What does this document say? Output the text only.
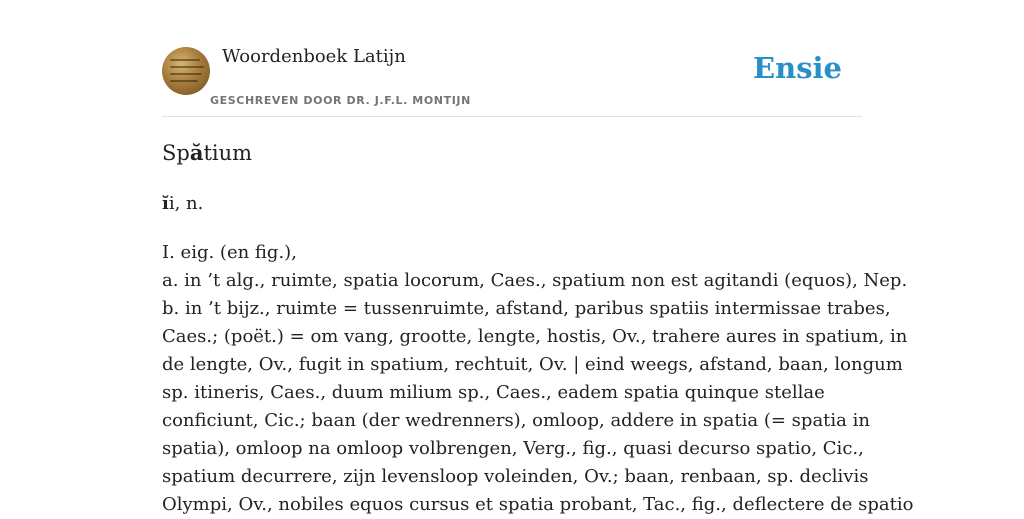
Woordenboek Latijn
GESCHREVEN DOOR DR. J.F.L. MONTIJN
Ensie
Spătium
ĭi, n.
I. eig. (en fig.),
a. in ’t alg., ruimte, spatia locorum, Caes., spatium non est agitandi (equos), Nep.
b. in ’t bijz., ruimte = tussenruimte, afstand, paribus spatiis intermissae trabes,
Caes.; (poët.) = om vang, grootte, lengte, hostis, Ov., trahere aures in spatium, in
de lengte, Ov., fugit in spatium, rechtuit, Ov. | eind weegs, afstand, baan, longum
sp. itineris, Caes., duum milium sp., Caes., eadem spatia quinque stellae
conficiunt, Cic.; baan (der wedrenners), omloop, addere in spatia (= spatia in
spatia), omloop na omloop volbrengen, Verg., fig., quasi decurso spatio, Cic.,
spatium decurrere, zijn levensloop voleinden, Ov.; baan, renbaan, sp. declivis
Olympi, Ov., nobiles equos cursus et spatia probant, Tac., fig., deflectere de spatio
